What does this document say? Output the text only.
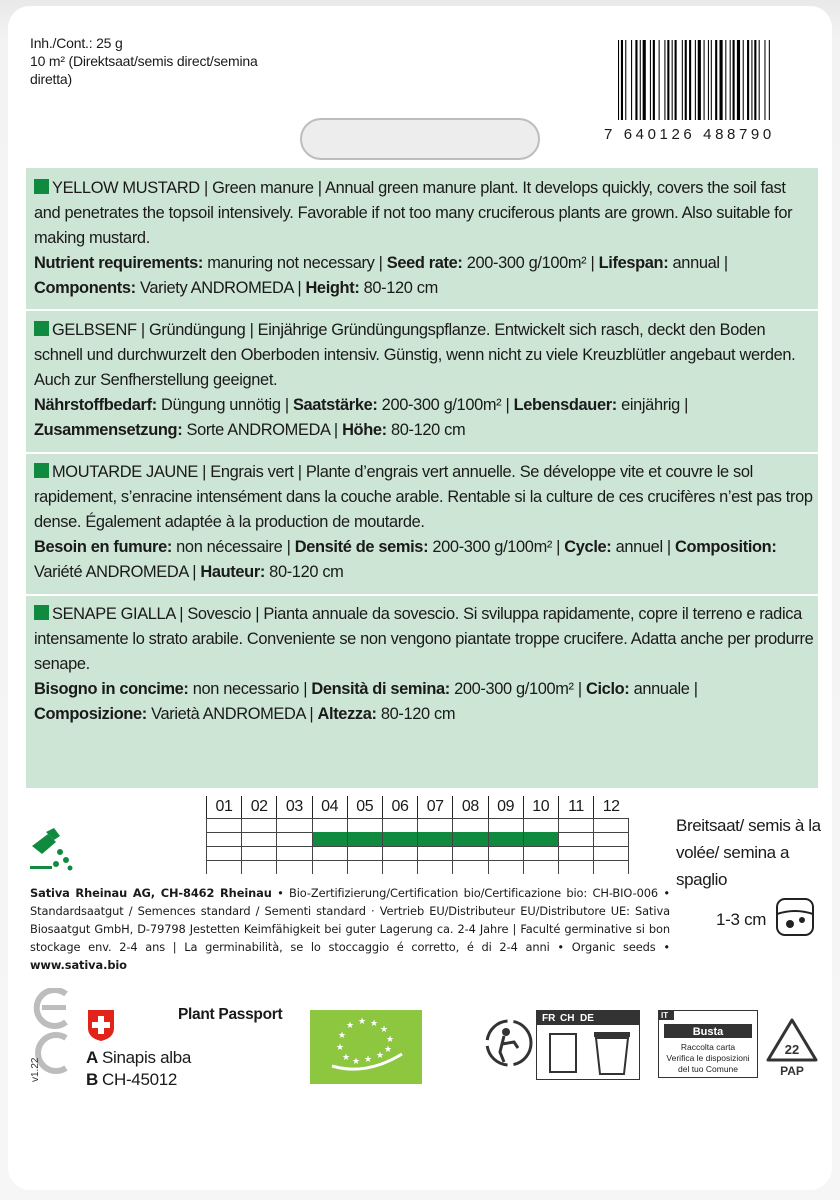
Inh./Cont.: 25 g
10 m² (Direktsaat/semis direct/semina
diretta)
7 640126 488790

YELLOW MUSTARD | Green manure | Annual green manure plant. It develops quickly, covers the soil fast and penetrates the topsoil intensively. Favorable if not too many cruciferous plants are grown. Also suitable for making mustard.

Nutrient requirements: manuring not necessary | Seed rate: 200-300 g/100m² | Lifespan: annual | Components: Variety ANDROMEDA | Height: 80-120 cm

GELBSENF | Gründüngung | Einjährige Gründüngungspflanze. Entwickelt sich rasch, deckt den Boden schnell und durchwurzelt den Oberboden intensiv. Günstig, wenn nicht zu viele Kreuzblütler angebaut werden. Auch zur Senfherstellung geeignet.

Nährstoffbedarf: Düngung unnötig | Saatstärke: 200-300 g/100m² | Lebensdauer: einjährig | Zusammensetzung: Sorte ANDROMEDA | Höhe: 80-120 cm

MOUTARDE JAUNE | Engrais vert | Plante d’engrais vert annuelle. Se développe vite et couvre le sol rapidement, s’enracine intensément dans la couche arable. Rentable si la culture de ces crucifères n’est pas trop dense. Également adaptée à la production de moutarde.

Besoin en fumure: non nécessaire | Densité de semis: 200-300 g/100m² | Cycle: annuel | Composition: Variété ANDROMEDA | Hauteur: 80-120 cm

SENAPE GIALLA | Sovescio | Pianta annuale da sovescio. Si sviluppa rapidamente, copre il terreno e radica intensamente lo strato arabile. Conveniente se non vengono piantate troppe crucifere. Adatta anche per produrre senape.

Bisogno in concime: non necessario | Densità di semina: 200-300 g/100m² | Ciclo: annuale | Composizione: Varietà ANDROMEDA | Altezza: 80-120 cm

01	02	03	04	05	06	07	08	09	10	11	12
Breitsaat/ semis à la volée/ semina a spaglio
1-3 cm
Sativa Rheinau AG, CH-8462 Rheinau • Bio-Zertifizierung/Certification bio/Certificazione bio: CH-BIO-006 • Standardsaatgut / Semences standard / Sementi standard · Vertrieb EU/Distributeur EU/Distributore UE: Sativa Biosaatgut GmbH, D-79798 Jestetten Keimfähigkeit bei guter Lagerung ca. 2-4 Jahre | Faculté germinative si bon stockage env. 2-4 ans | La germinabilità, se lo stoccaggio é corretto, é di 2-4 anni • Organic seeds • www.sativa.bio
v1.22
Plant Passport
A Sinapis alba
B CH-45012
★
★
★
★ ★ ★
★
★
★
★
★
★
FR CH DE	IT
Busta
Raccolta carta
Verifica le disposizioni
del tuo Comune
22
PAP
